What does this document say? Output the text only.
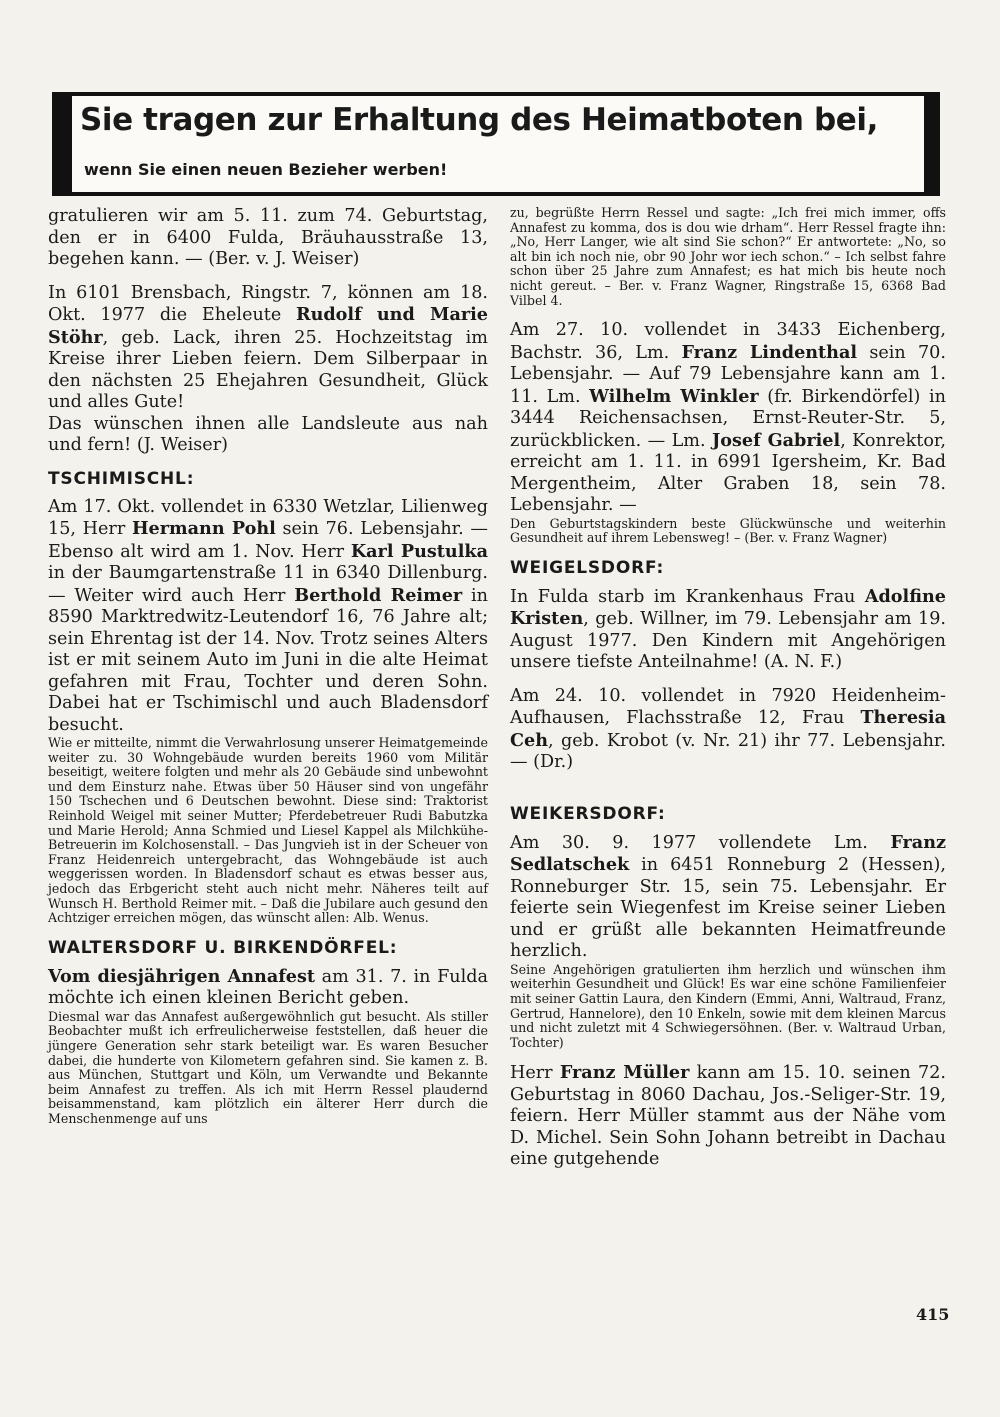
Sie tragen zur Erhaltung des Heimatboten bei,

wenn Sie einen neuen Bezieher werben!

gratulieren wir am 5. 11. zum 74. Geburtstag, den er in 6400 Fulda, Bräuhausstraße 13, begehen kann. — (Ber. v. J. Weiser)

In 6101 Brensbach, Ringstr. 7, können am 18. Okt. 1977 die Eheleute Rudolf und Marie Stöhr, geb. Lack, ihren 25. Hochzeitstag im Kreise ihrer Lieben feiern. Dem Silberpaar in den nächsten 25 Ehejahren Gesundheit, Glück und alles Gute!

Das wünschen ihnen alle Landsleute aus nah und fern! (J. Weiser)

TSCHIMISCHL:

Am 17. Okt. vollendet in 6330 Wetzlar, Lilienweg 15, Herr Hermann Pohl sein 76. Lebensjahr. — Ebenso alt wird am 1. Nov. Herr Karl Pustulka in der Baumgartenstraße 11 in 6340 Dillenburg. — Weiter wird auch Herr Berthold Reimer in 8590 Marktredwitz-Leutendorf 16, 76 Jahre alt; sein Ehrentag ist der 14. Nov. Trotz seines Alters ist er mit seinem Auto im Juni in die alte Heimat gefahren mit Frau, Tochter und deren Sohn. Dabei hat er Tschimischl und auch Bladensdorf besucht.

Wie er mitteilte, nimmt die Verwahrlosung unserer Heimatgemeinde weiter zu. 30 Wohngebäude wurden bereits 1960 vom Militär beseitigt, weitere folgten und mehr als 20 Gebäude sind unbewohnt und dem Einsturz nahe. Etwas über 50 Häuser sind von ungefähr 150 Tschechen und 6 Deutschen bewohnt. Diese sind: Traktorist Reinhold Weigel mit seiner Mutter; Pferdebetreuer Rudi Babutzka und Marie Herold; Anna Schmied und Liesel Kappel als Milchkühe-Betreuerin im Kolchosenstall. – Das Jungvieh ist in der Scheuer von Franz Heidenreich untergebracht, das Wohngebäude ist auch weggerissen worden. In Bladensdorf schaut es etwas besser aus, jedoch das Erbgericht steht auch nicht mehr. Näheres teilt auf Wunsch H. Berthold Reimer mit. – Daß die Jubilare auch gesund den Achtziger erreichen mögen, das wünscht allen: Alb. Wenus.

WALTERSDORF U. BIRKENDÖRFEL:

Vom diesjährigen Annafest am 31. 7. in Fulda möchte ich einen kleinen Bericht geben.

Diesmal war das Annafest außergewöhnlich gut besucht. Als stiller Beobachter mußt ich erfreulicherweise feststellen, daß heuer die jüngere Generation sehr stark beteiligt war. Es waren Besucher dabei, die hunderte von Kilometern gefahren sind. Sie kamen z. B. aus München, Stuttgart und Köln, um Verwandte und Bekannte beim Annafest zu treffen. Als ich mit Herrn Ressel plaudernd beisammenstand, kam plötzlich ein älterer Herr durch die Menschenmenge auf uns

zu, begrüßte Herrn Ressel und sagte: „Ich frei mich immer, offs Annafest zu komma, dos is dou wie drham“. Herr Ressel fragte ihn: „No, Herr Langer, wie alt sind Sie schon?“ Er antwortete: „No, so alt bin ich noch nie, obr 90 Johr wor iech schon.“ – Ich selbst fahre schon über 25 Jahre zum Annafest; es hat mich bis heute noch nicht gereut. – Ber. v. Franz Wagner, Ringstraße 15, 6368 Bad Vilbel 4.

Am 27. 10. vollendet in 3433 Eichenberg, Bachstr. 36, Lm. Franz Lindenthal sein 70. Lebensjahr. — Auf 79 Lebensjahre kann am 1. 11. Lm. Wilhelm Winkler (fr. Birkendörfel) in 3444 Reichensachsen, Ernst-Reuter-Str. 5, zurückblicken. — Lm. Josef Gabriel, Konrektor, erreicht am 1. 11. in 6991 Igersheim, Kr. Bad Mergentheim, Alter Graben 18, sein 78. Lebensjahr. —

Den Geburtstagskindern beste Glückwünsche und weiterhin Gesundheit auf ihrem Lebensweg! – (Ber. v. Franz Wagner)

WEIGELSDORF:

In Fulda starb im Krankenhaus Frau Adolfine Kristen, geb. Willner, im 79. Lebensjahr am 19. August 1977. Den Kindern mit Angehörigen unsere tiefste Anteilnahme! (A. N. F.)

Am 24. 10. vollendet in 7920 Heidenheim-Aufhausen, Flachsstraße 12, Frau Theresia Ceh, geb. Krobot (v. Nr. 21) ihr 77. Lebensjahr. — (Dr.)

WEIKERSDORF:

Am 30. 9. 1977 vollendete Lm. Franz Sedlatschek in 6451 Ronneburg 2 (Hessen), Ronneburger Str. 15, sein 75. Lebensjahr. Er feierte sein Wiegenfest im Kreise seiner Lieben und er grüßt alle bekannten Heimatfreunde herzlich.

Seine Angehörigen gratulierten ihm herzlich und wünschen ihm weiterhin Gesundheit und Glück! Es war eine schöne Familienfeier mit seiner Gattin Laura, den Kindern (Emmi, Anni, Waltraud, Franz, Gertrud, Hannelore), den 10 Enkeln, sowie mit dem kleinen Marcus und nicht zuletzt mit 4 Schwiegersöhnen. (Ber. v. Waltraud Urban, Tochter)

Herr Franz Müller kann am 15. 10. seinen 72. Geburtstag in 8060 Dachau, Jos.-Seliger-Str. 19, feiern. Herr Müller stammt aus der Nähe vom D. Michel. Sein Sohn Johann betreibt in Dachau eine gutgehende

415
